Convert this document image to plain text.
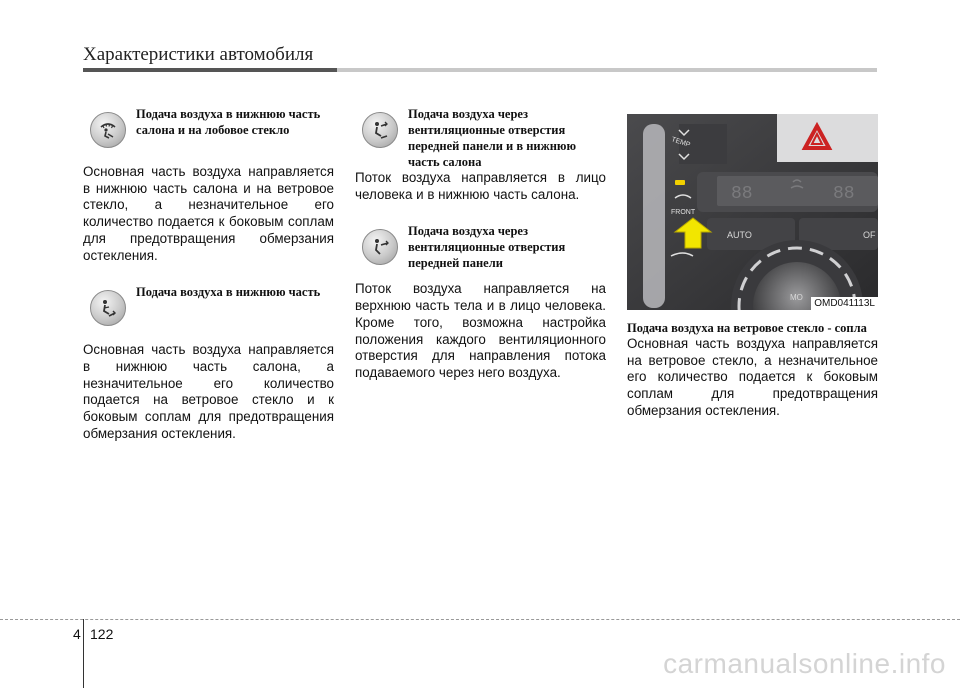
Характеристики автомобиля
Подача воздуха в нижнюю часть салона и на лобовое стекло

Основная часть воздуха направляется в нижнюю часть салона и на ветровое стекло, а незначительное его количество подается к боковым соплам для предотвращения обмерзания остекления.

Подача воздуха в нижнюю часть

Основная часть воздуха направляется в нижнюю часть салона, а незначительное его количество подается на ветровое стекло и к боковым соплам для предотвращения обмерзания остекления.

Подача воздуха через вентиляционные отверстия передней панели и в нижнюю часть салона

Поток воздуха направляется в лицо человека и в нижнюю часть салона.

Подача воздуха через вентиляционные отверстия передней панели

Поток воздуха направляется на верхнюю часть тела и в лицо человека. Кроме того, возможна настройка положения каждого вентиляционного отверстия для направления потока подаваемого через него воздуха.

88	88
AUTO	OF
MO
TEMP
FRONT
OMD041113L
Подача воздуха на ветровое стекло - сопла

Основная часть воздуха направляется на ветровое стекло, а незначительное его количество подается к боковым соплам для предотвращения обмерзания остекления.

4 122
carmanualsonline.info
